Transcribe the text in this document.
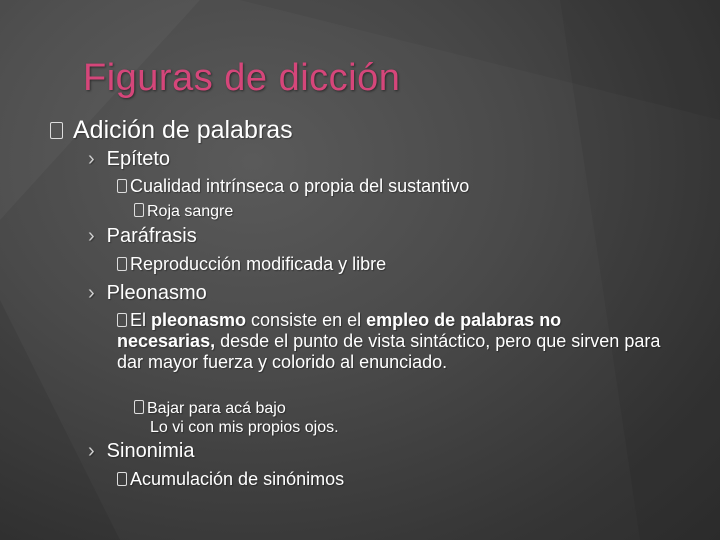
Figuras de dicción
Adición de palabras
› Epíteto
Cualidad intrínseca o propia del sustantivo
Roja sangre
› Paráfrasis
Reproducción modificada y libre
› Pleonasmo
El pleonasmo consiste en el empleo de palabras no necesarias, desde el punto de vista sintáctico, pero que sirven para dar mayor fuerza y colorido al enunciado.
Bajar para acá bajo
Lo vi con mis propios ojos.
› Sinonimia
Acumulación de sinónimos
